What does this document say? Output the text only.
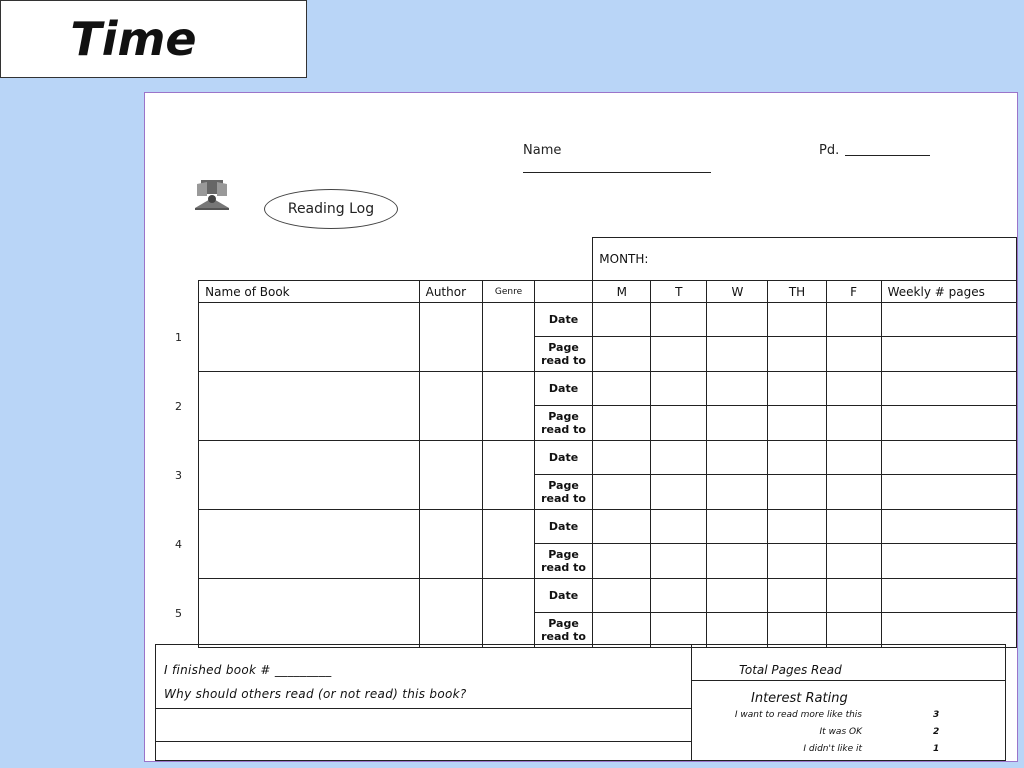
Time
Name	Pd.
Reading Log
					MONTH:					
	Name of Book	Author	Genre		M	T	W	TH	F	Weekly # pages
1				Date						
				Page
read to						
2				Date						
				Page
read to						
3				Date						
				Page
read to						
4				Date						
				Page
read to						
5				Date						
				Page
read to						
I finished book # _________
Why should others read (or not read) this book?
Total Pages Read
Interest Rating
I want to read more like this	3
It was OK	2
I didn't like it	1
